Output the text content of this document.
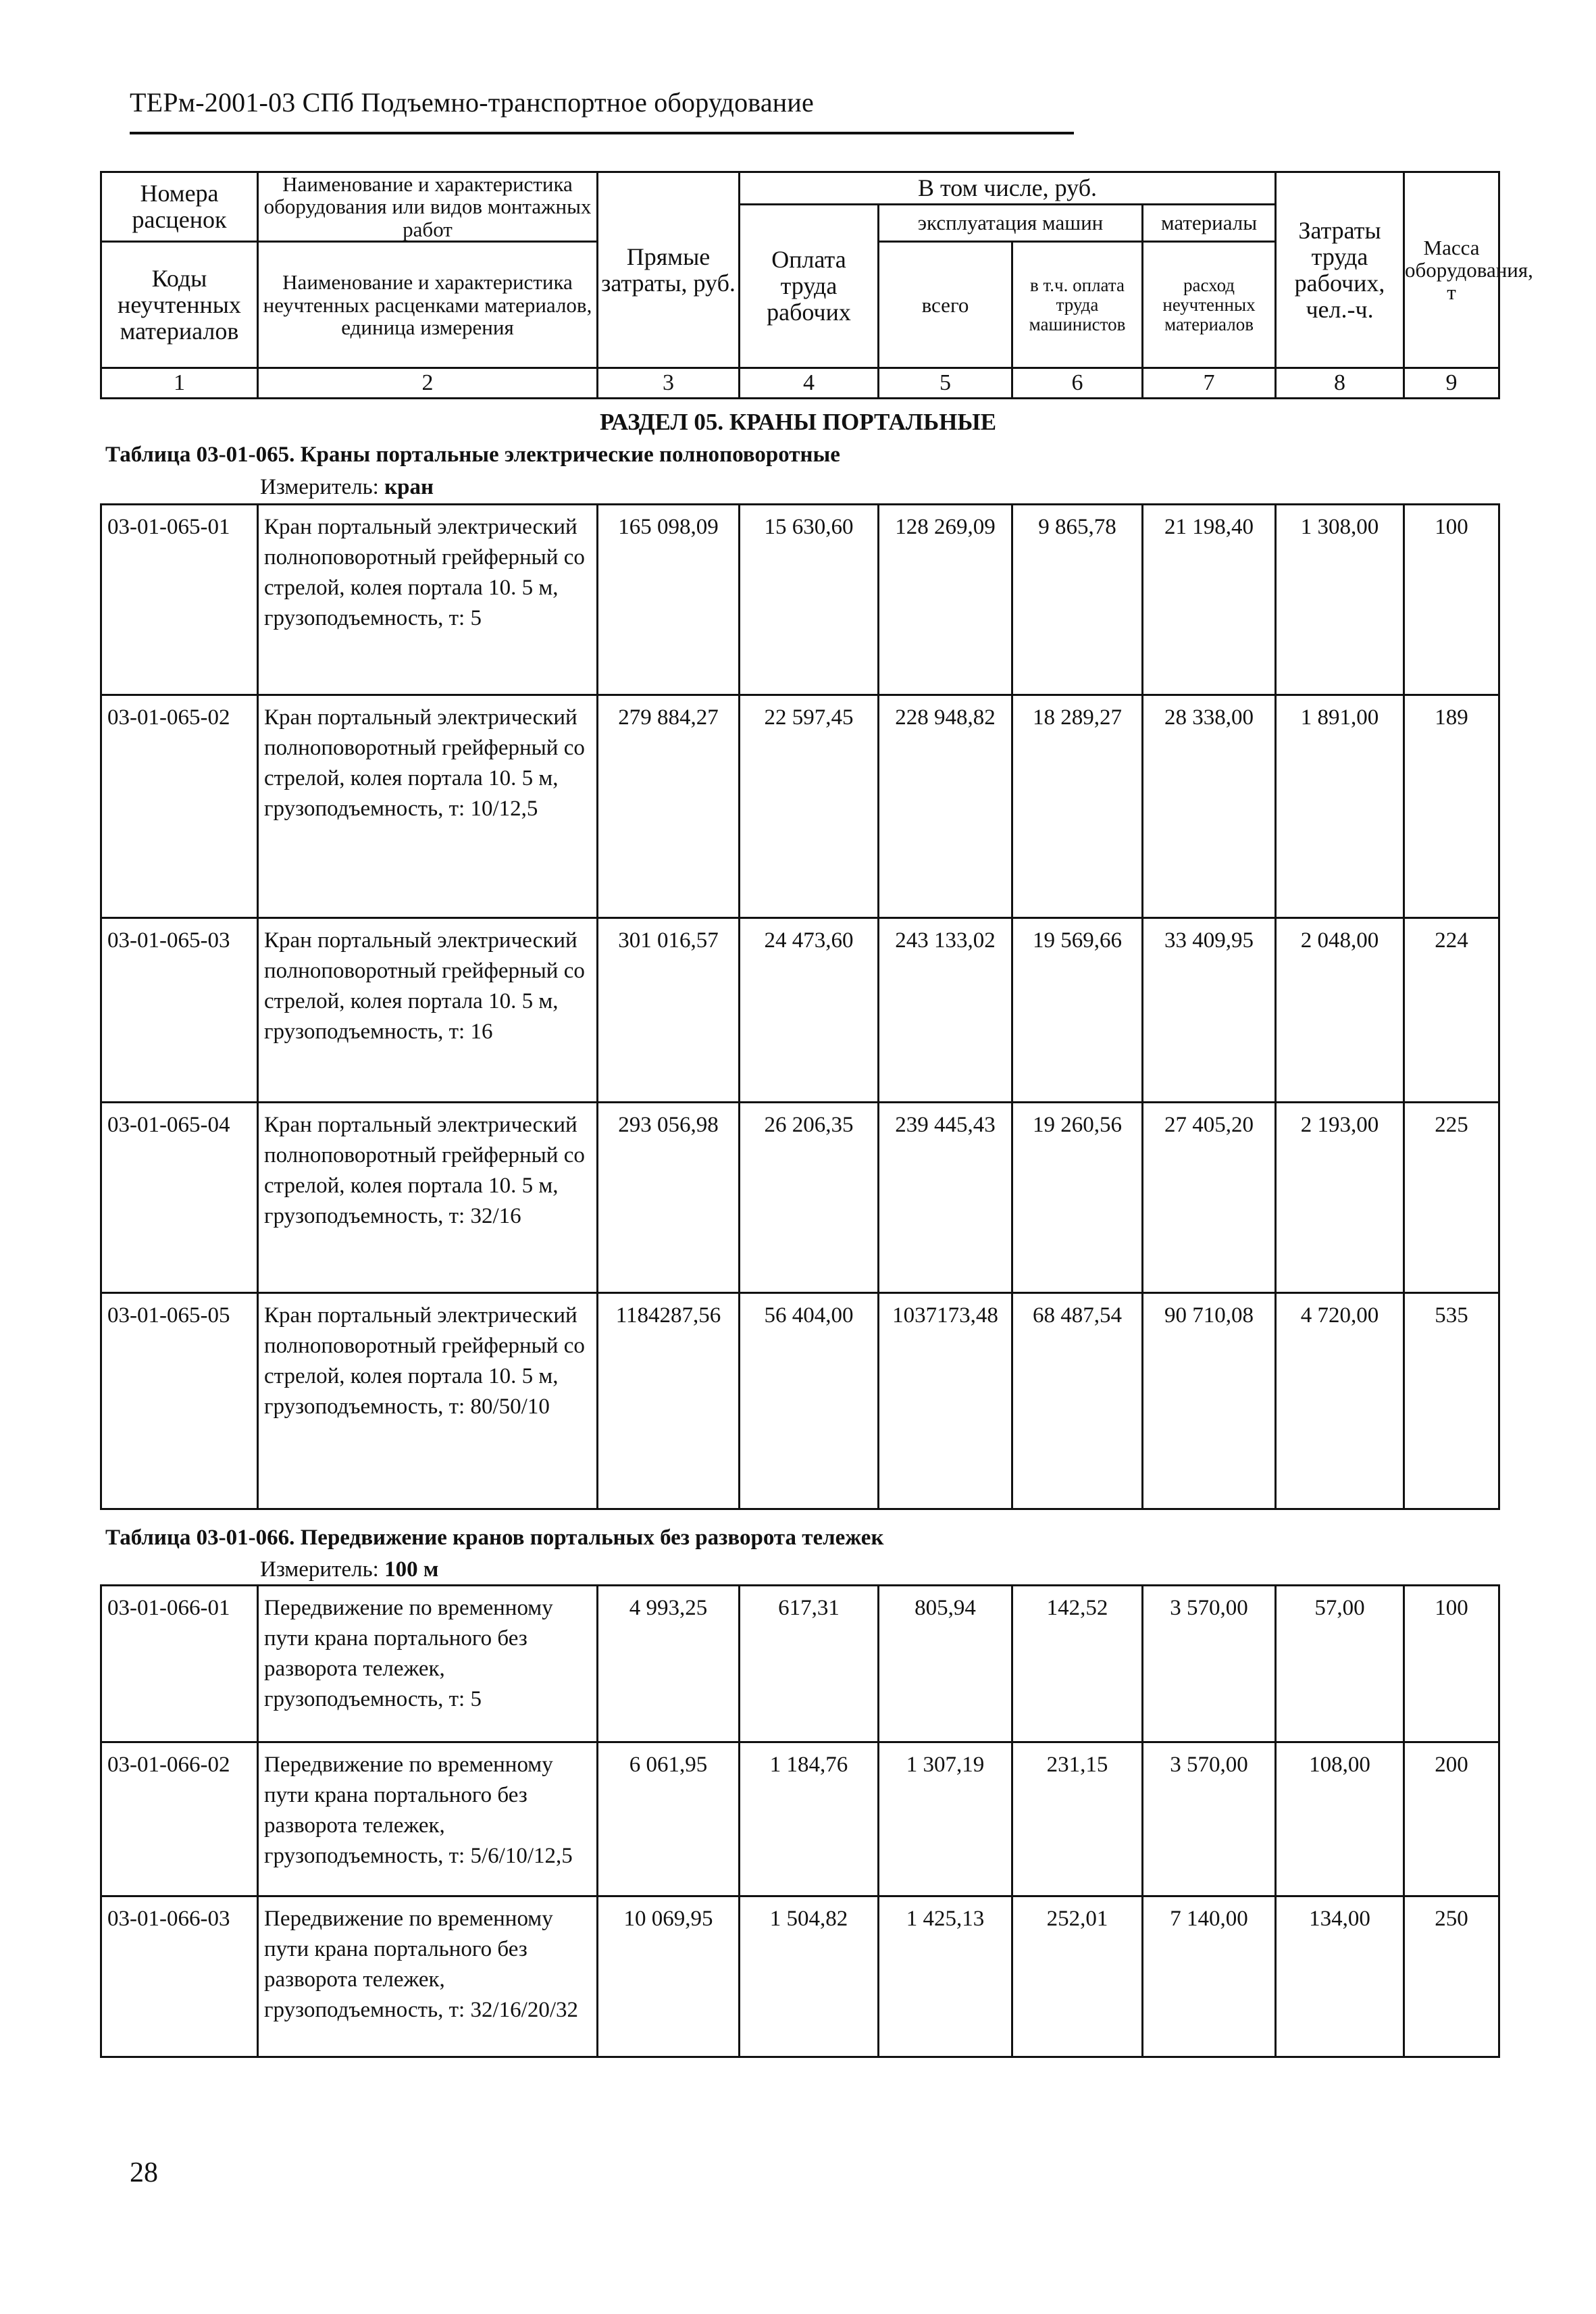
ТЕРм-2001-03 СПб Подъемно-транспортное оборудование
Номера расценок	Наименование и характеристика оборудования или видов монтажных работ	Прямые затраты, руб.	В том числе, руб.				Затраты труда рабочих, чел.-ч.	Масса оборудования, т
			Оплата труда рабочих	эксплуатация машин		материалы		
Коды неучтенных материалов	Наименование и характеристика неучтенных расценками материалов, единица измерения			всего	в т.ч. оплата труда машинистов	расход неучтенных материалов		

1	2	3	4	5	6	7	8	9
РАЗДЕЛ 05. КРАНЫ ПОРТАЛЬНЫЕ
Таблица 03-01-065. Краны портальные электрические полноповоротные
Измеритель: кран
03-01-065-01	Кран портальный электрический полноповоротный грейферный со стрелой, колея портала 10. 5 м, грузоподъемность, т: 5	165 098,09	15 630,60	128 269,09	9 865,78	21 198,40	1 308,00	100
03-01-065-02	Кран портальный электрический полноповоротный грейферный со стрелой, колея портала 10. 5 м, грузоподъемность, т: 10/12,5	279 884,27	22 597,45	228 948,82	18 289,27	28 338,00	1 891,00	189
03-01-065-03	Кран портальный электрический полноповоротный грейферный со стрелой, колея портала 10. 5 м, грузоподъемность, т: 16	301 016,57	24 473,60	243 133,02	19 569,66	33 409,95	2 048,00	224
03-01-065-04	Кран портальный электрический полноповоротный грейферный со стрелой, колея портала 10. 5 м, грузоподъемность, т: 32/16	293 056,98	26 206,35	239 445,43	19 260,56	27 405,20	2 193,00	225
03-01-065-05	Кран портальный электрический полноповоротный грейферный со стрелой, колея портала 10. 5 м, грузоподъемность, т: 80/50/10	1184287,56	56 404,00	1037173,48	68 487,54	90 710,08	4 720,00	535
Таблица 03-01-066. Передвижение кранов портальных без разворота тележек
Измеритель: 100 м
03-01-066-01	Передвижение по временному пути крана портального без разворота тележек, грузоподъемность, т: 5	4 993,25	617,31	805,94	142,52	3 570,00	57,00	100
03-01-066-02	Передвижение по временному пути крана портального без разворота тележек, грузоподъемность, т: 5/6/10/12,5	6 061,95	1 184,76	1 307,19	231,15	3 570,00	108,00	200
03-01-066-03	Передвижение по временному пути крана портального без разворота тележек, грузоподъемность, т: 32/16/20/32	10 069,95	1 504,82	1 425,13	252,01	7 140,00	134,00	250
28
